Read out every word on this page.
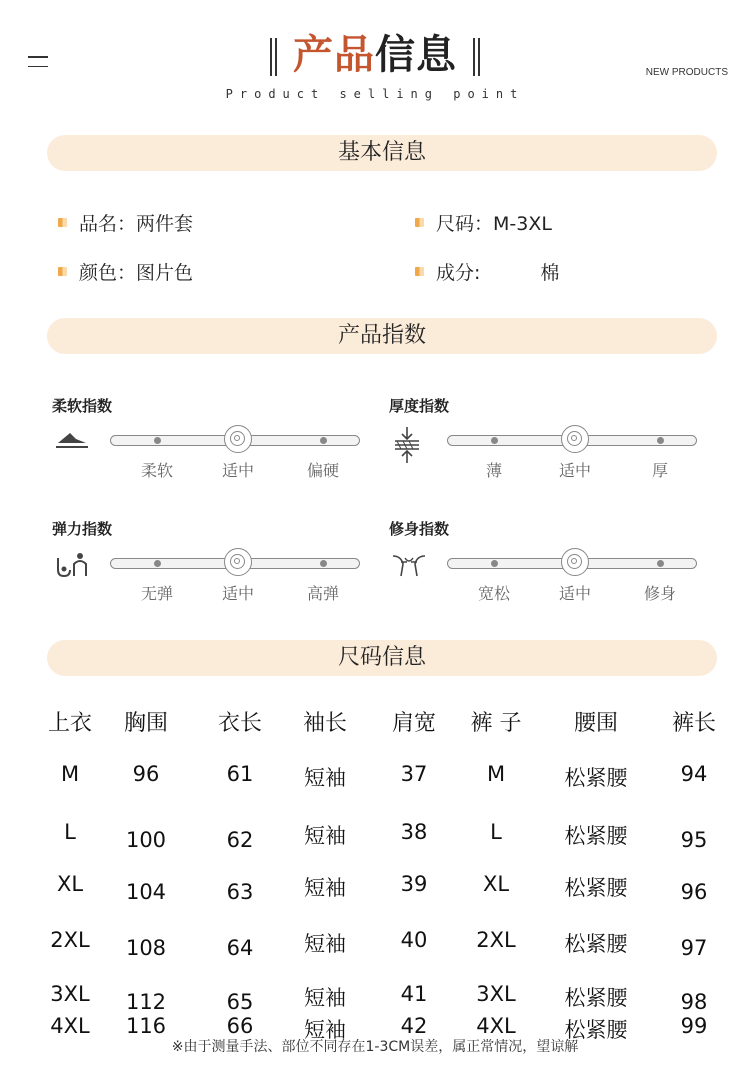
产品信息
Product selling point
NEW PRODUCTS
基本信息
品名：两件套	尺码：M-3XL
颜色：图片色	成分:	棉
产品指数
柔软指数
柔软	适中	偏硬
厚度指数
薄	适中	厚
弹力指数
无弹	适中	高弹
修身指数
宽松	适中	修身
尺码信息
上衣	胸围	衣长	袖长	肩宽	裤 子	腰围	裤长
M	96	61	短袖	37	M	松紧腰	94
L	100	62	短袖	38	L	松紧腰	95
XL	104	63	短袖	39	XL	松紧腰	96
2XL	108	64	短袖	40	2XL	松紧腰	97
3XL	112	65	短袖	41	3XL	松紧腰	98
4XL	116	66	短袖	42	4XL	松紧腰	99
※由于测量手法、部位不同存在1-3CM误差，属正常情况，望谅解
